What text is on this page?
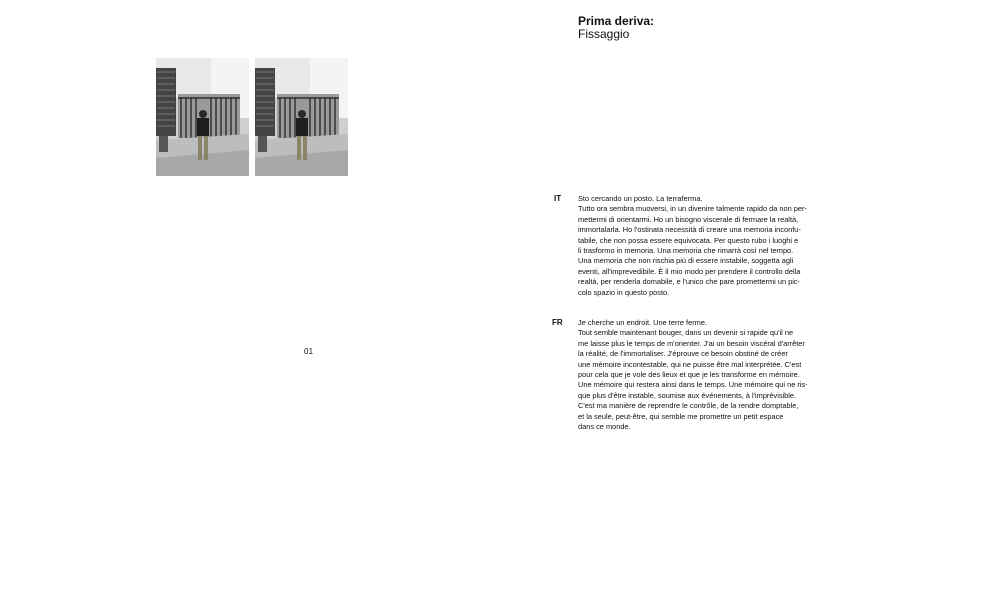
01
Prima deriva:
Fissaggio
IT Sto cercando un posto. La terraferma.
Tutto ora sembra muoversi, in un divenire talmente rapido da non per-
mettermi di orientarmi. Ho un bisogno viscerale di fermare la realtà,
immortalarla. Ho l'ostinata necessità di creare una memoria inconfu-
tabile, che non possa essere equivocata. Per questo rubo i luoghi e
li trasformo in memoria. Una memoria che rimarrà così nel tempo.
Una memoria che non rischia più di essere instabile, soggetta agli
eventi, all'imprevedibile. È il mio modo per prendere il controllo della
realtà, per renderla domabile, e l'unico che pare promettermi un pic-
colo spazio in questo posto.
FR Je cherche un endroit. Une terre ferme.
Tout semble maintenant bouger, dans un devenir si rapide qu'il ne
me laisse plus le temps de m'orienter. J'ai un besoin viscéral d'arrêter
la réalité, de l'immortaliser. J'éprouve ce besoin obstiné de créer
une mémoire incontestable, qui ne puisse être mal interprétée. C'est
pour cela que je vole des lieux et que je les transforme en mémoire.
Une mémoire qui restera ainsi dans le temps. Une mémoire qui ne ris-
que plus d'être instable, soumise aux événements, à l'imprévisible.
C'est ma manière de reprendre le contrôle, de la rendre domptable,
et la seule, peut-être, qui semble me promettre un petit espace
dans ce monde.
